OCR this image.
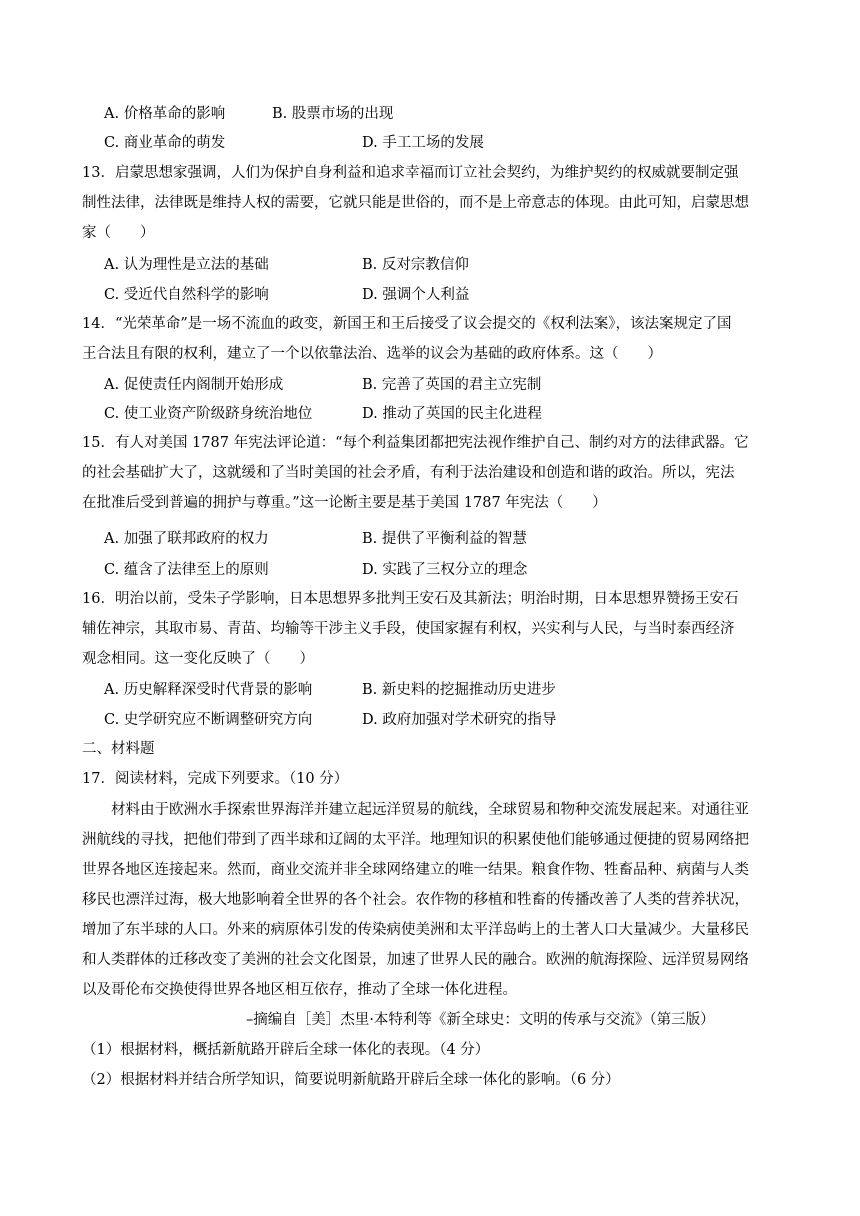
A. 价格革命的影响	B. 股票市场的出现
C. 商业革命的萌发	D. 手工工场的发展
13．启蒙思想家强调，人们为保护自身利益和追求幸福而订立社会契约，为维护契约的权威就要制定强
制性法律，法律既是维持人权的需要，它就只能是世俗的，而不是上帝意志的体现。由此可知，启蒙思想
家（　　）
A. 认为理性是立法的基础	B. 反对宗教信仰
C. 受近代自然科学的影响	D. 强调个人利益
14．“光荣革命”是一场不流血的政变，新国王和王后接受了议会提交的《权利法案》，该法案规定了国
王合法且有限的权利，建立了一个以依靠法治、选举的议会为基础的政府体系。这（　　）
A. 促使责任内阁制开始形成	B. 完善了英国的君主立宪制
C. 使工业资产阶级跻身统治地位	D. 推动了英国的民主化进程
15．有人对美国 1787 年宪法评论道：“每个利益集团都把宪法视作维护自己、制约对方的法律武器。它
的社会基础扩大了，这就缓和了当时美国的社会矛盾，有利于法治建设和创造和谐的政治。所以，宪法
在批准后受到普遍的拥护与尊重。”这一论断主要是基于美国 1787 年宪法（　　）
A. 加强了联邦政府的权力	B. 提供了平衡利益的智慧
C. 蕴含了法律至上的原则	D. 实践了三权分立的理念
16．明治以前，受朱子学影响，日本思想界多批判王安石及其新法；明治时期，日本思想界赞扬王安石
辅佐神宗，其取市易、青苗、均输等干涉主义手段，使国家握有利权，兴实利与人民，与当时泰西经济
观念相同。这一变化反映了（　　）
A. 历史解释深受时代背景的影响	B. 新史料的挖掘推动历史进步
C. 史学研究应不断调整研究方向	D. 政府加强对学术研究的指导
二、材料题
17．阅读材料，完成下列要求。（10 分）
材料由于欧洲水手探索世界海洋并建立起远洋贸易的航线，全球贸易和物种交流发展起来。对通往亚
洲航线的寻找，把他们带到了西半球和辽阔的太平洋。地理知识的积累使他们能够通过便捷的贸易网络把
世界各地区连接起来。然而，商业交流并非全球网络建立的唯一结果。粮食作物、牲畜品种、病菌与人类
移民也漂洋过海，极大地影响着全世界的各个社会。农作物的移植和牲畜的传播改善了人类的营养状况，
增加了东半球的人口。外来的病原体引发的传染病使美洲和太平洋岛屿上的土著人口大量减少。大量移民
和人类群体的迁移改变了美洲的社会文化图景，加速了世界人民的融合。欧洲的航海探险、远洋贸易网络
以及哥伦布交换使得世界各地区相互依存，推动了全球一体化进程。
–摘编自［美］杰里·本特利等《新全球史：文明的传承与交流》（第三版）
（1）根据材料，概括新航路开辟后全球一体化的表现。（4 分）
（2）根据材料并结合所学知识，简要说明新航路开辟后全球一体化的影响。（6 分）
